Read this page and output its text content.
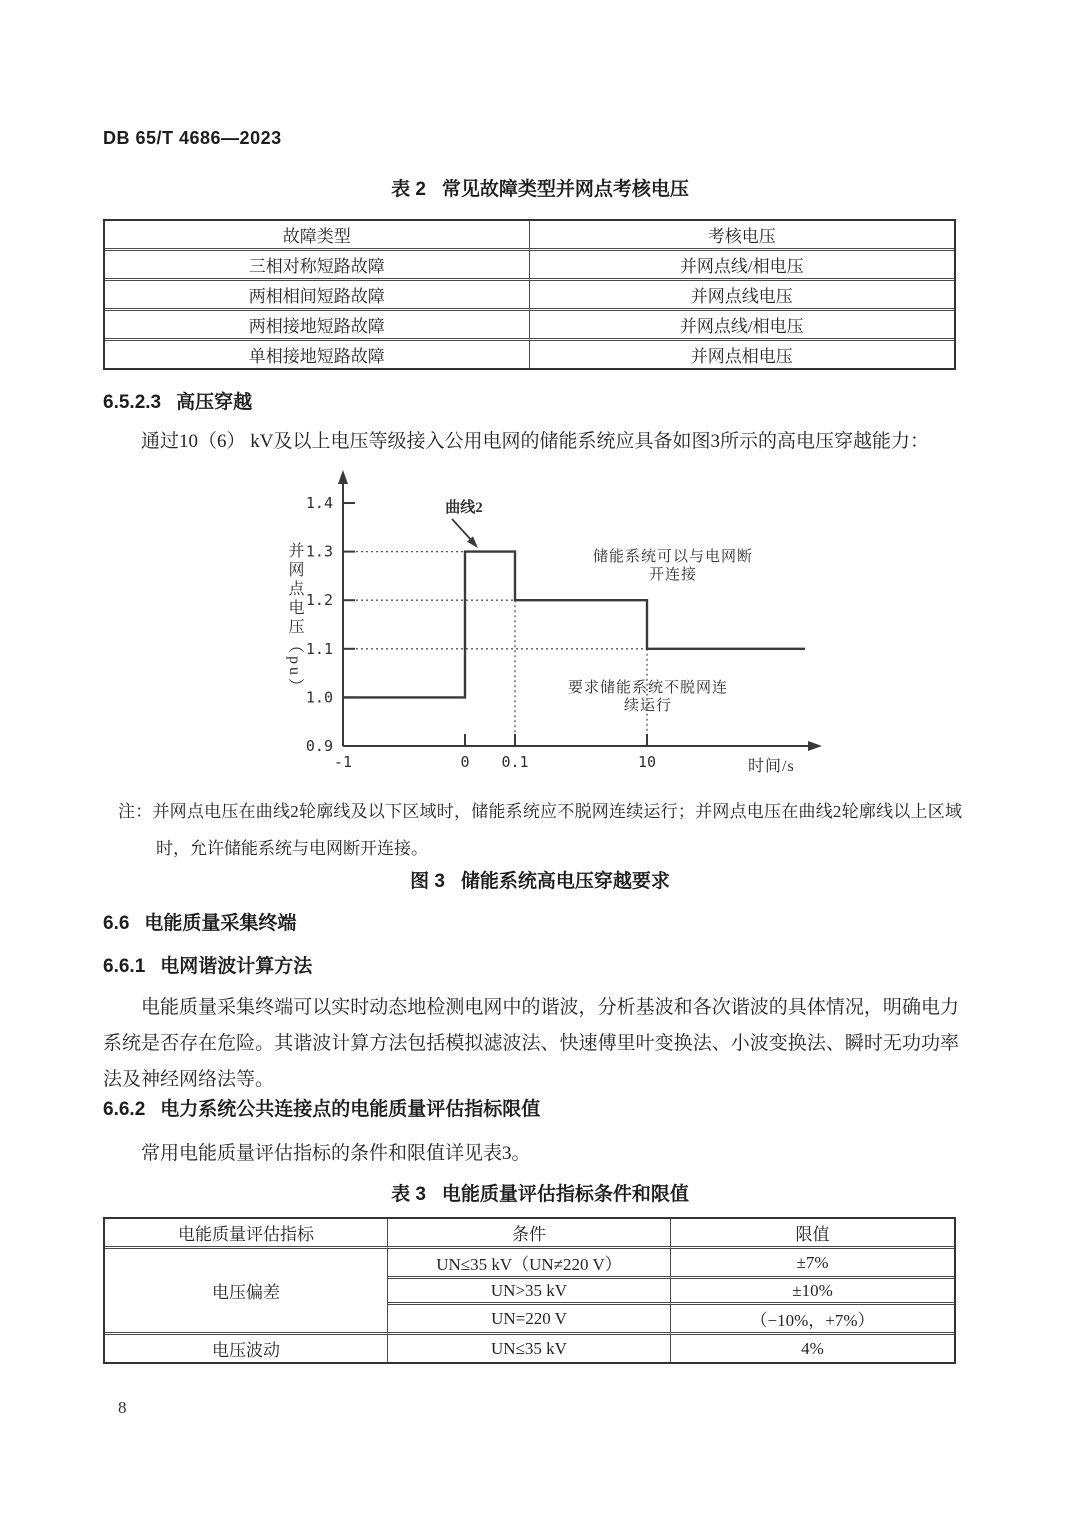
DB 65/T 4686—2023
表 2 常见故障类型并网点考核电压
故障类型	考核电压
三相对称短路故障	并网点线/相电压
两相相间短路故障	并网点线电压
两相接地短路故障	并网点线/相电压
单相接地短路故障	并网点相电压
6.5.2.3 高压穿越

通过10（6） kV及以上电压等级接入公用电网的储能系统应具备如图3所示的高电压穿越能力：

0.9
1.0
1.1
1.2
1.3
1.4
-1	0 0.1	10
曲线2
并网点电压（pu）
时间/s
储能系统可以与电网断
开连接
要求储能系统不脱网连
续运行

注：并网点电压在曲线2轮廓线及以下区域时，储能系统应不脱网连续运行；并网点电压在曲线2轮廓线以上区域时，允许储能系统与电网断开连接。

图 3 储能系统高电压穿越要求
6.6 电能质量采集终端
6.6.1 电网谐波计算方法

电能质量采集终端可以实时动态地检测电网中的谐波，分析基波和各次谐波的具体情况，明确电力系统是否存在危险。其谐波计算方法包括模拟滤波法、快速傅里叶变换法、小波变换法、瞬时无功功率法及神经网络法等。

6.6.2 电力系统公共连接点的电能质量评估指标限值

常用电能质量评估指标的条件和限值详见表3。

表 3 电能质量评估指标条件和限值
电能质量评估指标	条件	限值
电压偏差	UN≤35 kV（UN≠220 V）	±7%
	UN>35 kV	±10%
	UN=220 V	（−10%，+7%）
电压波动	UN≤35 kV	4%
8
